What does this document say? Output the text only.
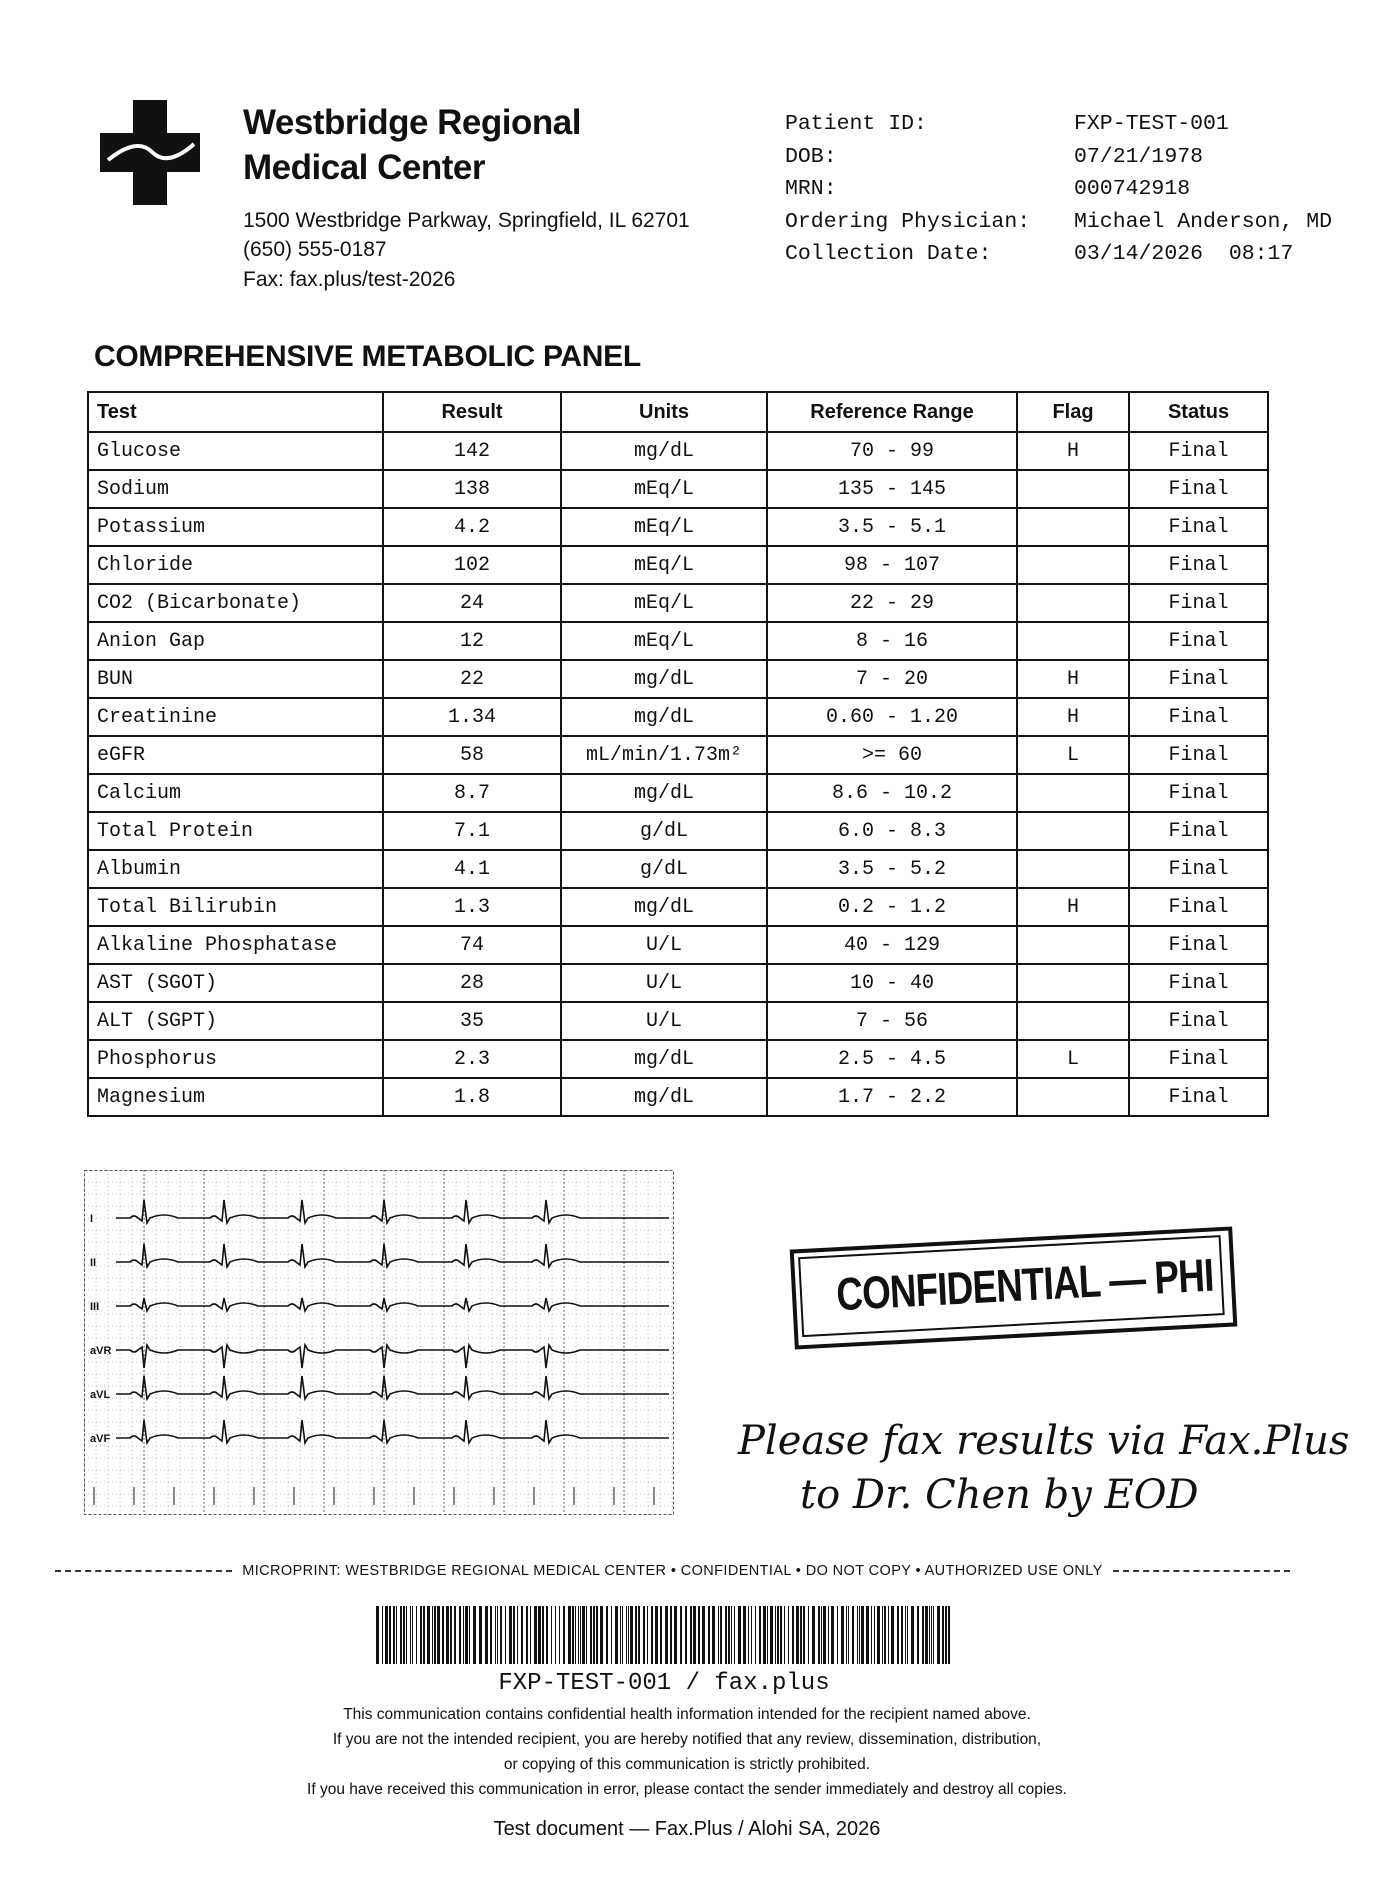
Westbridge Regional
Medical Center
1500 Westbridge Parkway, Springfield, IL 62701
(650) 555-0187
Fax: fax.plus/test-2026
Patient ID:	FXP-TEST-001
DOB:	07/21/1978
MRN:	000742918
Ordering Physician: Michael Anderson, MD
Collection Date:	03/14/2026  08:17
COMPREHENSIVE METABOLIC PANEL
Test	Result	Units	Reference Range	Flag	Status
Glucose	142	mg/dL	70 - 99	H	Final
Sodium	138	mEq/L	135 - 145		Final
Potassium	4.2	mEq/L	3.5 - 5.1		Final
Chloride	102	mEq/L	98 - 107		Final
CO2 (Bicarbonate)	24	mEq/L	22 - 29		Final
Anion Gap	12	mEq/L	8 - 16		Final
BUN	22	mg/dL	7 - 20	H	Final
Creatinine	1.34	mg/dL	0.60 - 1.20	H	Final
eGFR	58	mL/min/1.73m²	>= 60	L	Final
Calcium	8.7	mg/dL	8.6 - 10.2		Final
Total Protein	7.1	g/dL	6.0 - 8.3		Final
Albumin	4.1	g/dL	3.5 - 5.2		Final
Total Bilirubin	1.3	mg/dL	0.2 - 1.2	H	Final
Alkaline Phosphatase	74	U/L	40 - 129		Final
AST (SGOT)	28	U/L	10 - 40		Final
ALT (SGPT)	35	U/L	7 - 56		Final
Phosphorus	2.3	mg/dL	2.5 - 4.5	L	Final
Magnesium	1.8	mg/dL	1.7 - 2.2		Final
I
II
III
aVR
aVL
aVF
CONFIDENTIAL — PHI
Please fax results via Fax.Plus
to Dr. Chen by EOD
MICROPRINT: WESTBRIDGE REGIONAL MEDICAL CENTER • CONFIDENTIAL • DO NOT COPY • AUTHORIZED USE ONLY
FXP-TEST-001 / fax.plus
This communication contains confidential health information intended for the recipient named above.
If you are not the intended recipient, you are hereby notified that any review, dissemination, distribution,
or copying of this communication is strictly prohibited.
If you have received this communication in error, please contact the sender immediately and destroy all copies.
Test document — Fax.Plus / Alohi SA, 2026
